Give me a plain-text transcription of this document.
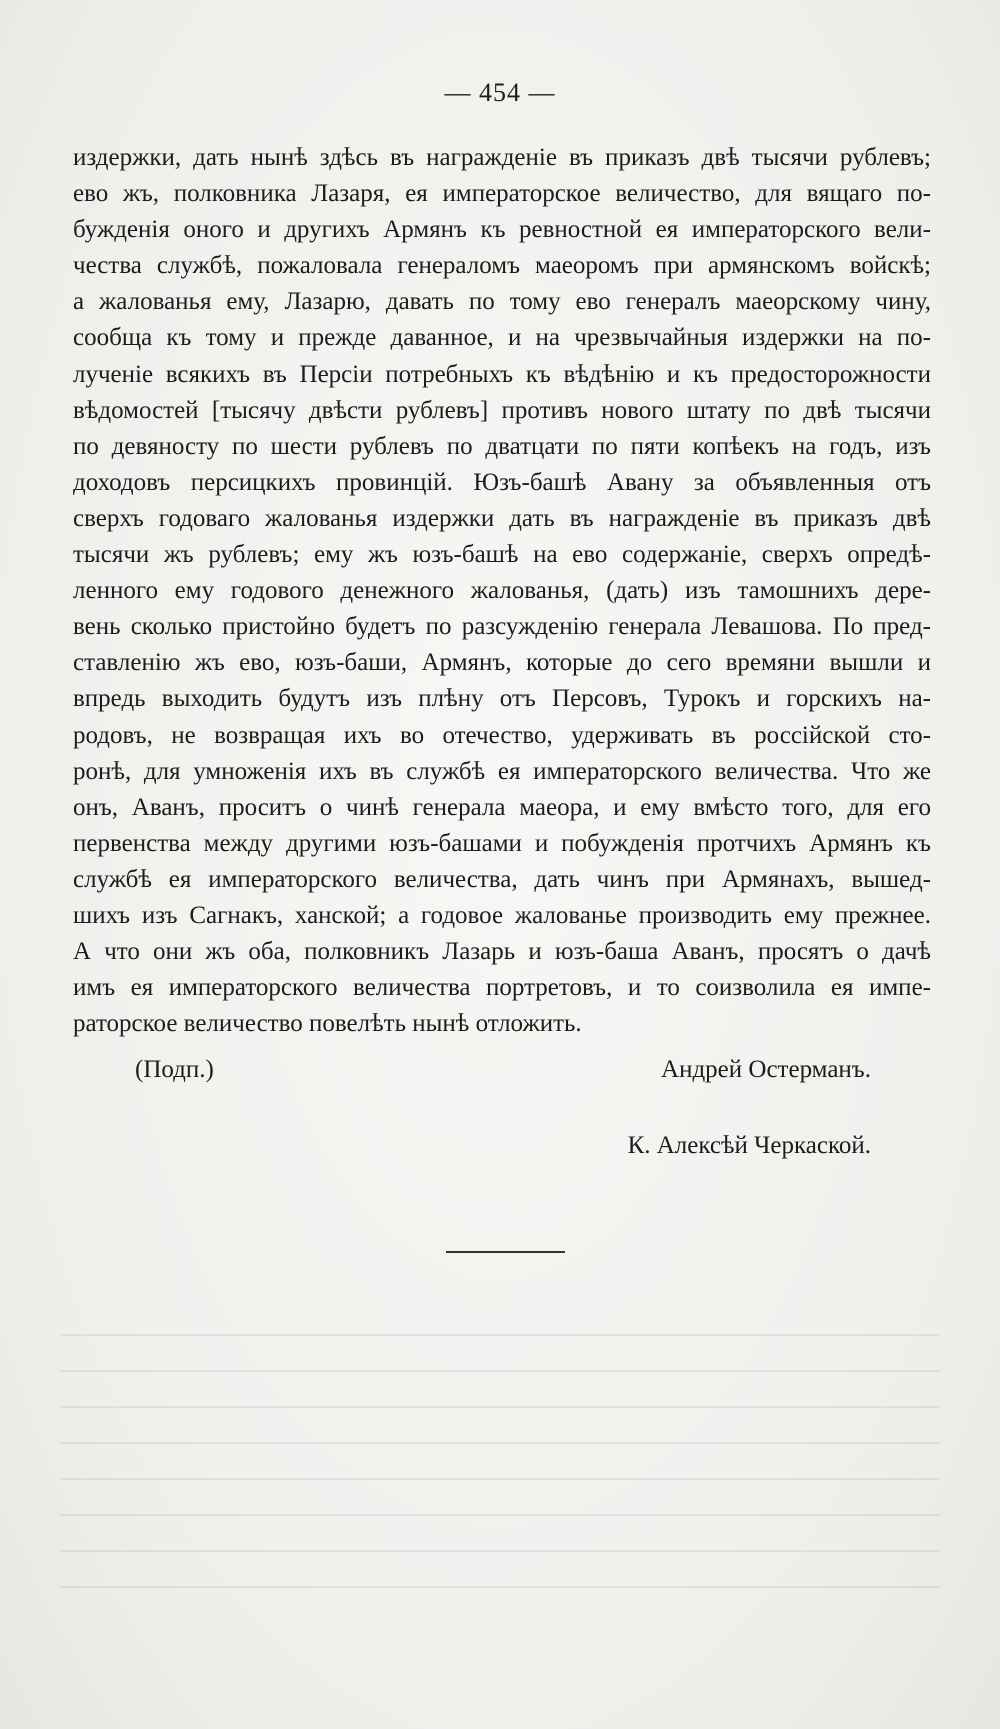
— 454 —
издержки, дать нынѣ здѣсь въ награжденіе въ приказъ двѣ тысячи рублевъ;
ево жъ, полковника Лазаря, ея императорское величество, для вящаго по-
бужденія оного и другихъ Армянъ къ ревностной ея императорского вели-
чества службѣ, пожаловала генераломъ маеоромъ при армянскомъ войскѣ;
а жалованья ему, Лазарю, давать по тому ево генералъ маеорскому чину,
сообща къ тому и прежде даванное, и на чрезвычайныя издержки на по-
лученіе всякихъ въ Персіи потребныхъ къ вѣдѣнію и къ предосторожности
вѣдомостей [тысячу двѣсти рублевъ] противъ нового штату по двѣ тысячи
по девяносту по шести рублевъ по дватцати по пяти копѣекъ на годъ, изъ
доходовъ персицкихъ провинцій. Юзъ-башѣ Авану за объявленныя отъ
сверхъ годоваго жалованья издержки дать въ награжденіе въ приказъ двѣ
тысячи жъ рублевъ; ему жъ юзъ-башѣ на ево содержаніе, сверхъ опредѣ-
ленного ему годового денежного жалованья, (дать) изъ тамошнихъ дере-
вень сколько пристойно будетъ по разсужденію генерала Левашова. По пред-
ставленію жъ ево, юзъ-баши, Армянъ, которые до сего времяни вышли и
впредь выходить будутъ изъ плѣну отъ Персовъ, Турокъ и горскихъ на-
родовъ, не возвращая ихъ во отечество, удерживать въ россійской сто-
ронѣ, для умноженія ихъ въ службѣ ея императорского величества. Что же
онъ, Аванъ, проситъ о чинѣ генерала маеора, и ему вмѣсто того, для его
первенства между другими юзъ-башами и побужденія протчихъ Армянъ къ
службѣ ея императорского величества, дать чинъ при Армянахъ, вышед-
шихъ изъ Сагнакъ, ханской; а годовое жалованье производить ему прежнее.
А что они жъ оба, полковникъ Лазарь и юзъ-баша Аванъ, просятъ о дачѣ
имъ ея императорского величества портретовъ, и то соизволила ея импе-
раторское величество повелѣть нынѣ отложить.
(Подп.)	Андрей Остерманъ.
К. Алексѣй Черкаской.
